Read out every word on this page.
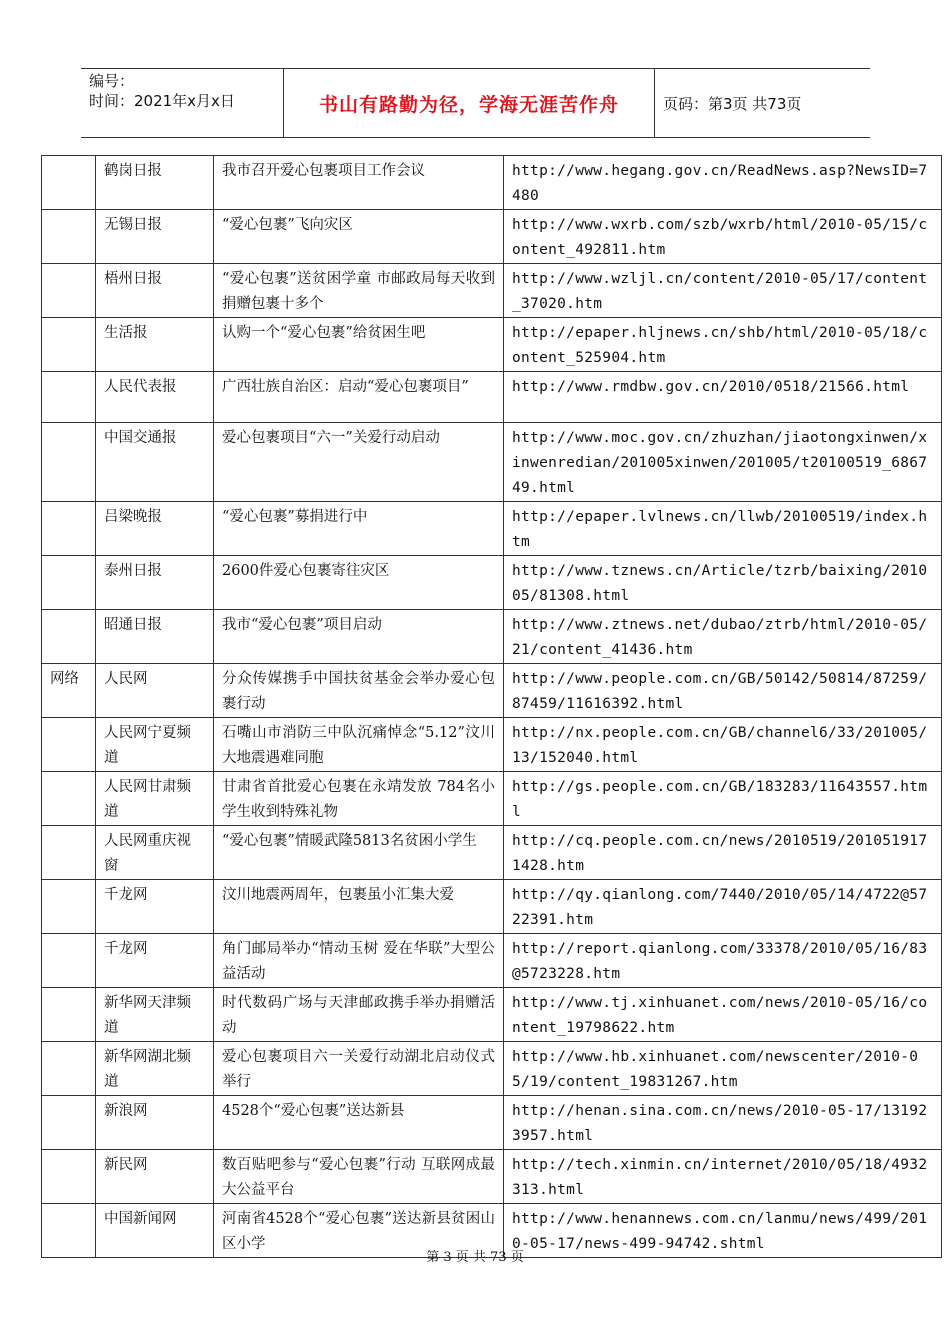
编号：
时间：2021年x月x日	书山有路勤为径，学海无涯苦作舟	页码：第3页 共73页
	鹤岗日报	我市召开爱心包裹项目工作会议	http://www.hegang.gov.cn/ReadNews.asp?NewsID=7480
	无锡日报	“爱心包裹”飞向灾区	http://www.wxrb.com/szb/wxrb/html/2010-05/15/content_492811.htm
	梧州日报	“爱心包裹”送贫困学童 市邮政局每天收到捐赠包裹十多个	http://www.wzljl.cn/content/2010-05/17/content_37020.htm
	生活报	认购一个“爱心包裹”给贫困生吧	http://epaper.hljnews.cn/shb/html/2010-05/18/content_525904.htm
	人民代表报	广西壮族自治区：启动“爱心包裹项目”	http://www.rmdbw.gov.cn/2010/0518/21566.html
	中国交通报	爱心包裹项目“六一”关爱行动启动	http://www.moc.gov.cn/zhuzhan/jiaotongxinwen/xinwenredian/201005xinwen/201005/t20100519_686749.html
	吕梁晚报	“爱心包裹”募捐进行中	http://epaper.lvlnews.cn/llwb/20100519/index.htm
	泰州日报	2600件爱心包裹寄往灾区	http://www.tznews.cn/Article/tzrb/baixing/201005/81308.html
	昭通日报	我市“爱心包裹”项目启动	http://www.ztnews.net/dubao/ztrb/html/2010-05/21/content_41436.htm
网络	人民网	分众传媒携手中国扶贫基金会举办爱心包裹行动	http://www.people.com.cn/GB/50142/50814/87259/87459/11616392.html
	人民网宁夏频道	石嘴山市消防三中队沉痛悼念“5.12”汶川大地震遇难同胞	http://nx.people.com.cn/GB/channel6/33/201005/13/152040.html
	人民网甘肃频道	甘肃省首批爱心包裹在永靖发放 784名小学生收到特殊礼物	http://gs.people.com.cn/GB/183283/11643557.html
	人民网重庆视窗	“爱心包裹”情暖武隆5813名贫困小学生	http://cq.people.com.cn/news/2010519/2010519171428.htm
	千龙网	汶川地震两周年，包裹虽小汇集大爱	http://qy.qianlong.com/7440/2010/05/14/4722@5722391.htm
	千龙网	角门邮局举办“情动玉树 爱在华联”大型公益活动	http://report.qianlong.com/33378/2010/05/16/83@5723228.htm
	新华网天津频道	时代数码广场与天津邮政携手举办捐赠活动	http://www.tj.xinhuanet.com/news/2010-05/16/content_19798622.htm
	新华网湖北频道	爱心包裹项目六一关爱行动湖北启动仪式举行	http://www.hb.xinhuanet.com/newscenter/2010-05/19/content_19831267.htm
	新浪网	4528个“爱心包裹”送达新县	http://henan.sina.com.cn/news/2010-05-17/131923957.html
	新民网	数百贴吧参与“爱心包裹”行动 互联网成最大公益平台	http://tech.xinmin.cn/internet/2010/05/18/4932313.html
	中国新闻网	河南省4528个“爱心包裹”送达新县贫困山区小学	http://www.henannews.com.cn/lanmu/news/499/2010-05-17/news-499-94742.shtml
第 3 页 共 73 页
